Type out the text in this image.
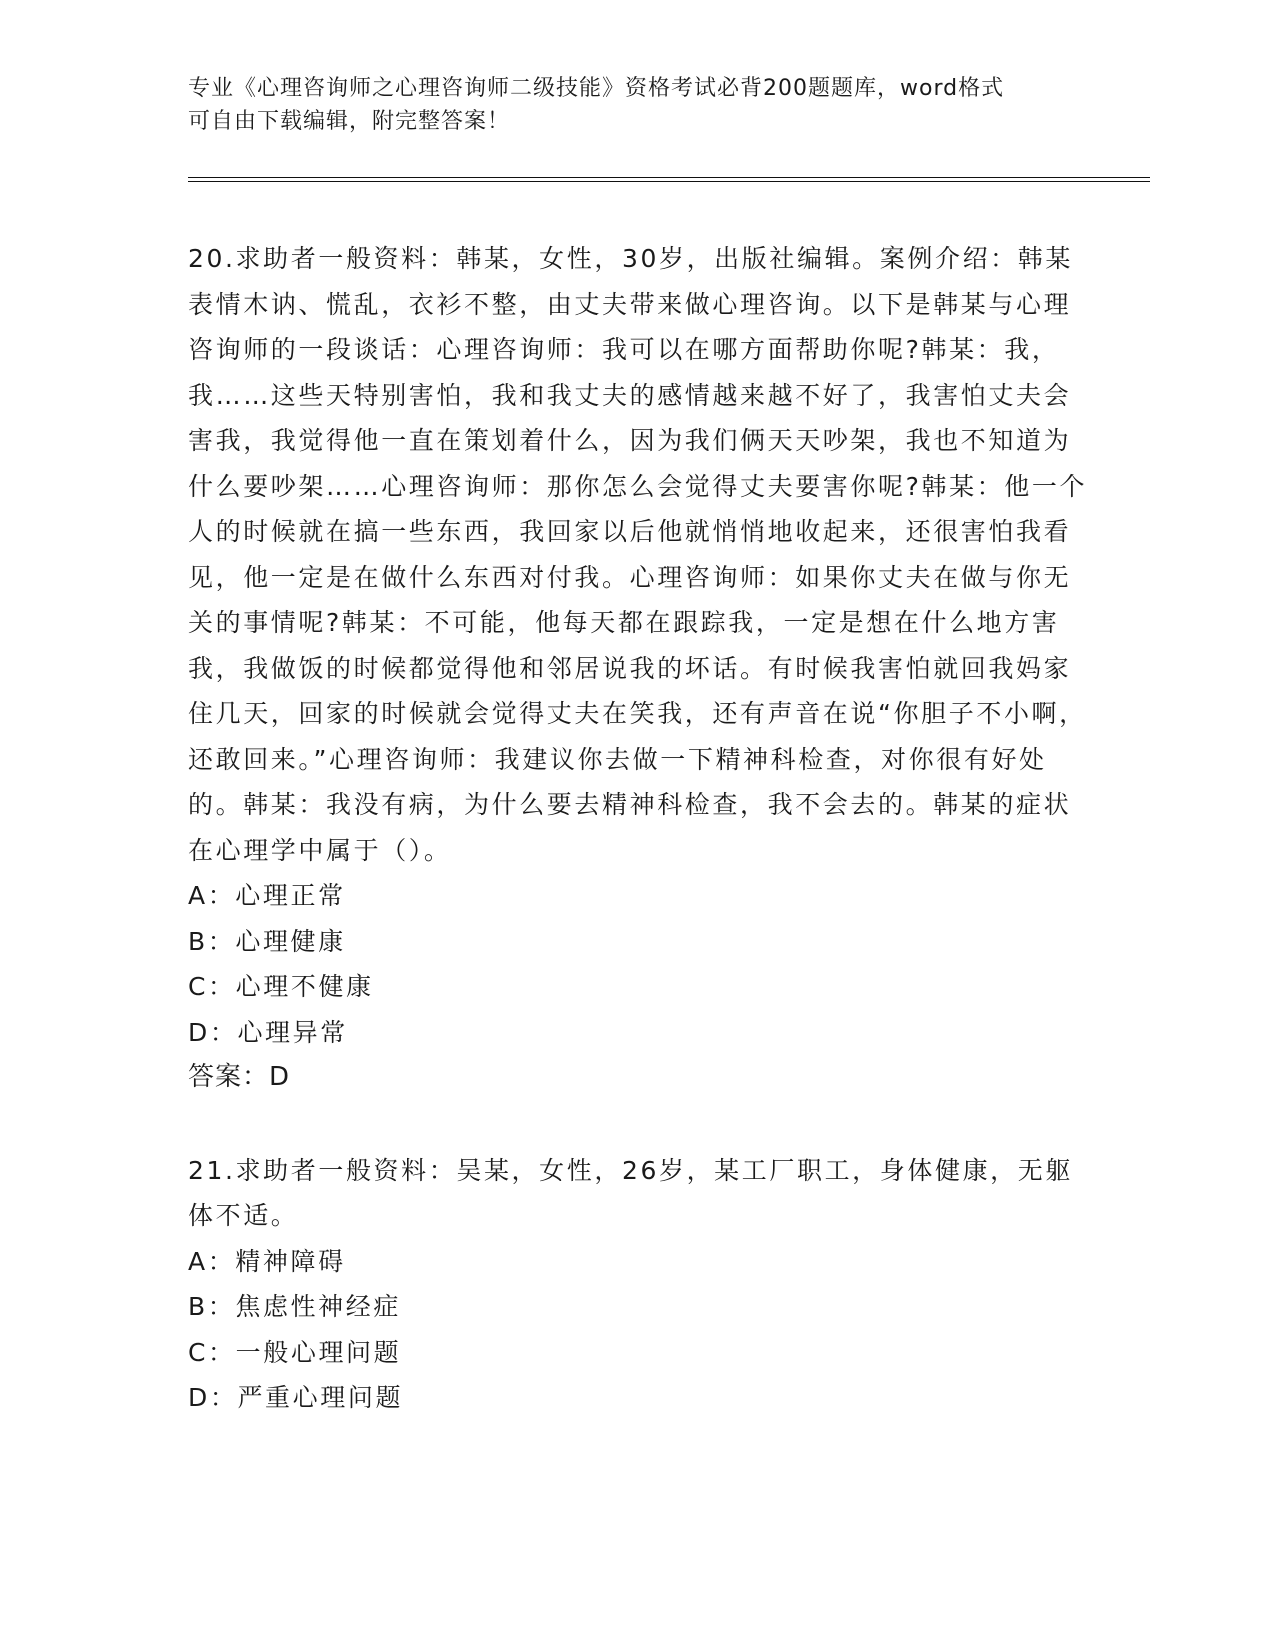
专业《心理咨询师之心理咨询师二级技能》资格考试必背200题题库，word格式
可自由下载编辑，附完整答案！

20.求助者一般资料：韩某，女性，30岁，出版社编辑。案例介绍：韩某表情木讷、慌乱，衣衫不整，由丈夫带来做心理咨询。以下是韩某与心理咨询师的一段谈话：心理咨询师：我可以在哪方面帮助你呢?韩某：我，我……这些天特别害怕，我和我丈夫的感情越来越不好了，我害怕丈夫会害我，我觉得他一直在策划着什么，因为我们俩天天吵架，我也不知道为什么要吵架……心理咨询师：那你怎么会觉得丈夫要害你呢?韩某：他一个人的时候就在搞一些东西，我回家以后他就悄悄地收起来，还很害怕我看见，他一定是在做什么东西对付我。心理咨询师：如果你丈夫在做与你无关的事情呢?韩某：不可能，他每天都在跟踪我，一定是想在什么地方害我，我做饭的时候都觉得他和邻居说我的坏话。有时候我害怕就回我妈家住几天，回家的时候就会觉得丈夫在笑我，还有声音在说“你胆子不小啊，还敢回来。”心理咨询师：我建议你去做一下精神科检查，对你很有好处的。韩某：我没有病，为什么要去精神科检查，我不会去的。韩某的症状在心理学中属于（）。

A：心理正常

B：心理健康

C：心理不健康

D：心理异常

答案：D

21.求助者一般资料：吴某，女性，26岁，某工厂职工，身体健康，无躯体不适。

A：精神障碍

B：焦虑性神经症

C：一般心理问题

D：严重心理问题
